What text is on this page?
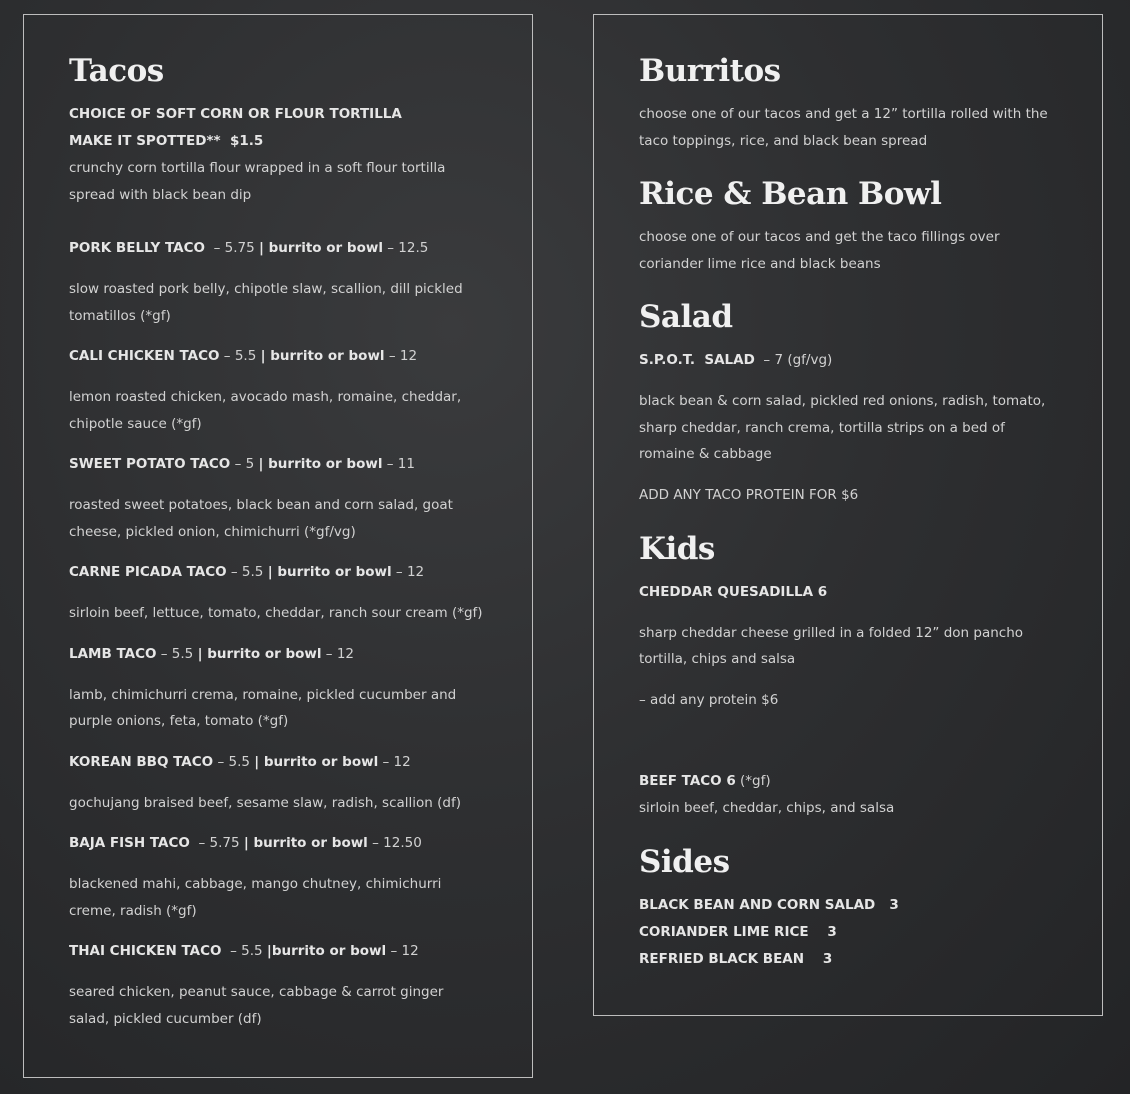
Tacos

CHOICE OF SOFT CORN OR FLOUR TORTILLA

MAKE IT SPOTTED** $1.5

crunchy corn tortilla flour wrapped in a soft flour tortilla spread with black bean dip

PORK BELLY TACO  – 5.75 | burrito or bowl – 12.5

slow roasted pork belly, chipotle slaw, scallion, dill pickled tomatillos (*gf)

CALI CHICKEN TACO – 5.5 | burrito or bowl – 12

lemon roasted chicken, avocado mash, romaine, cheddar, chipotle sauce (*gf)

SWEET POTATO TACO – 5 | burrito or bowl – 11

roasted sweet potatoes, black bean and corn salad, goat cheese, pickled onion, chimichurri (*gf/vg)

CARNE PICADA TACO – 5.5 | burrito or bowl – 12

sirloin beef, lettuce, tomato, cheddar, ranch sour cream (*gf)

LAMB TACO – 5.5 | burrito or bowl – 12

lamb, chimichurri crema, romaine, pickled cucumber and purple onions, feta, tomato (*gf)

KOREAN BBQ TACO – 5.5 | burrito or bowl – 12

gochujang braised beef, sesame slaw, radish, scallion (df)

BAJA FISH TACO  – 5.75 | burrito or bowl – 12.50

blackened mahi, cabbage, mango chutney, chimichurri creme, radish (*gf)

THAI CHICKEN TACO  – 5.5 |burrito or bowl – 12

seared chicken, peanut sauce, cabbage & carrot ginger salad, pickled cucumber (df)

Burritos

choose one of our tacos and get a 12” tortilla rolled with the taco toppings, rice, and black bean spread

Rice & Bean Bowl

choose one of our tacos and get the taco fillings over coriander lime rice and black beans

Salad

S.P.O.T.  SALAD  – 7 (gf/vg)

black bean & corn salad, pickled red onions, radish, tomato, sharp cheddar, ranch crema, tortilla strips on a bed of romaine & cabbage

ADD ANY TACO PROTEIN FOR $6

Kids

CHEDDAR QUESADILLA 6

sharp cheddar cheese grilled in a folded 12” don pancho tortilla, chips and salsa

– add any protein $6

BEEF TACO 6 (*gf)

sirloin beef, cheddar, chips, and salsa

Sides

BLACK BEAN AND CORN SALAD   3

CORIANDER LIME RICE    3

REFRIED BLACK BEAN    3
